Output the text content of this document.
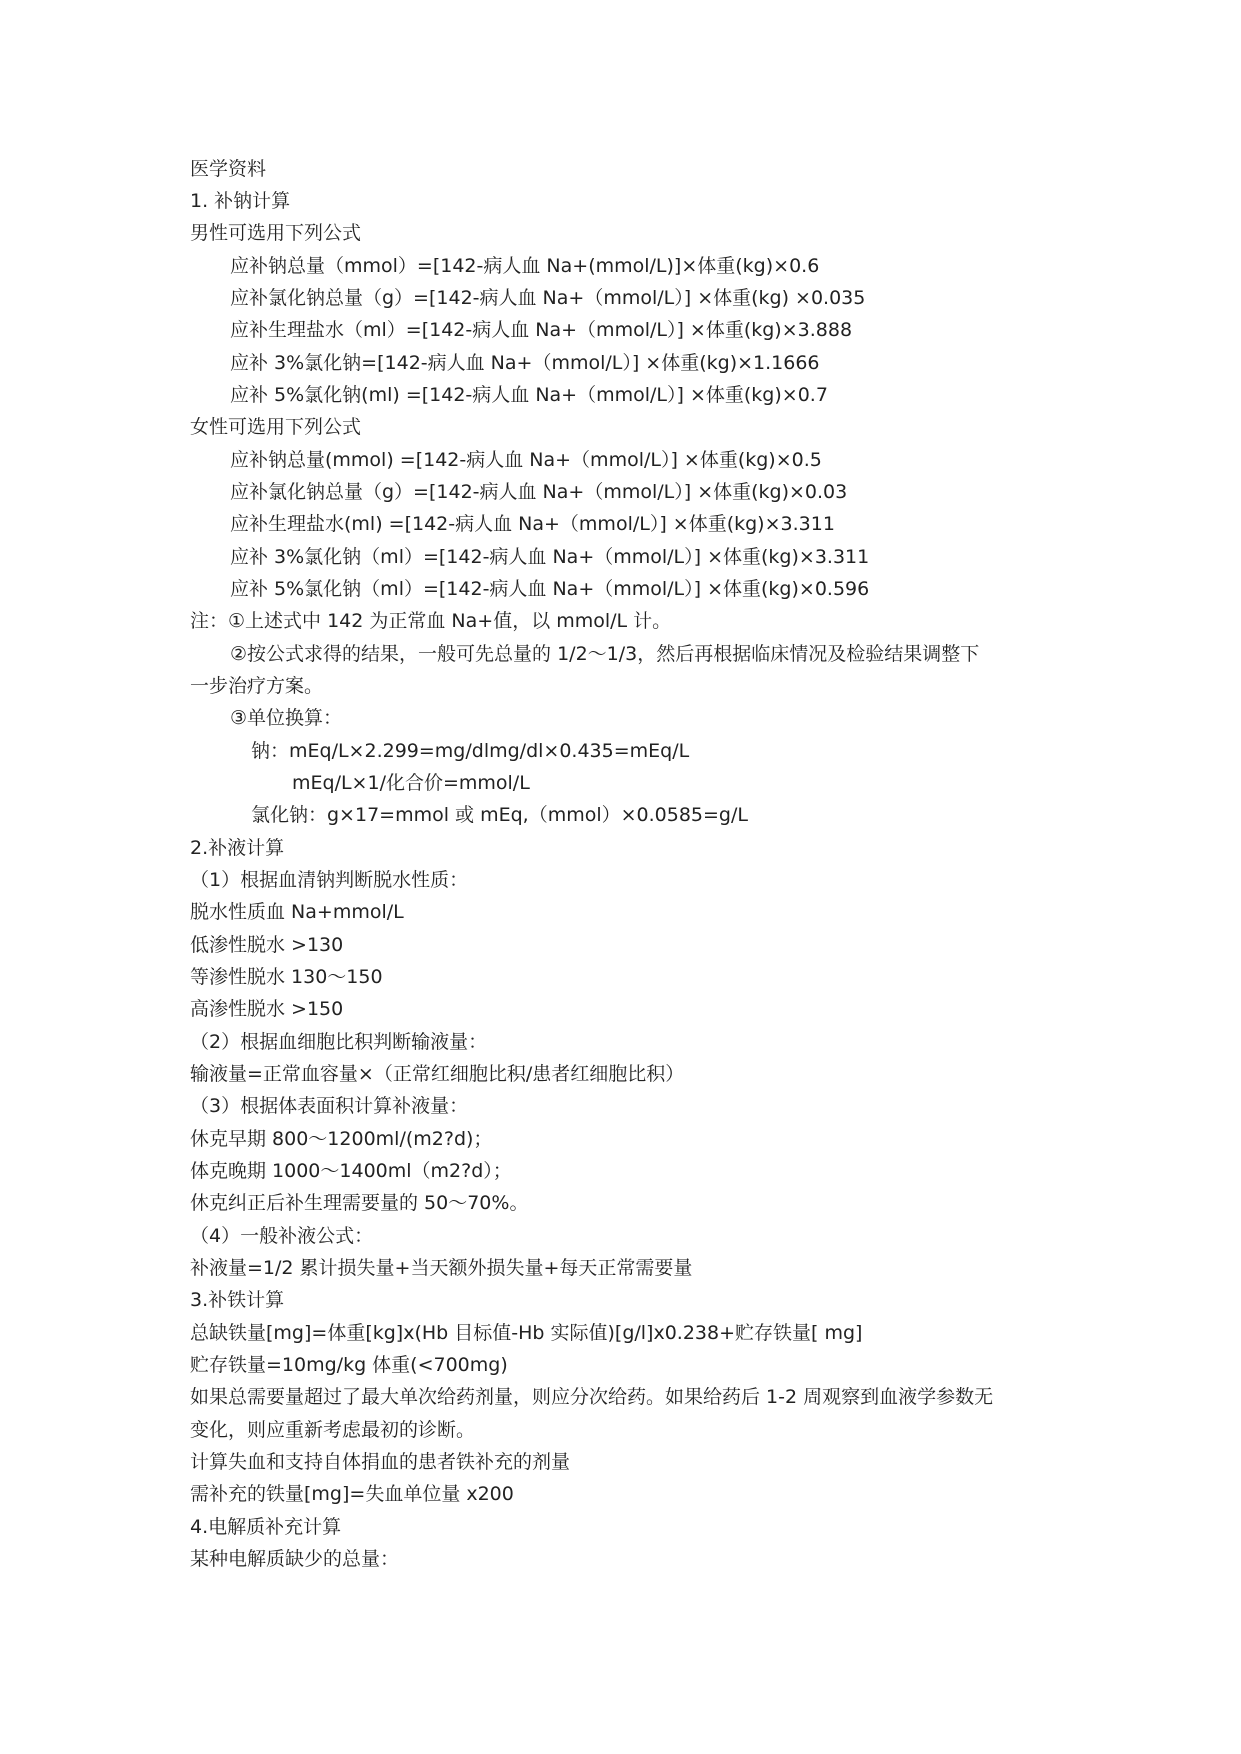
医学资料
1. 补钠计算
男性可选用下列公式
应补钠总量（mmol）=[142-病人血 Na+(mmol/L)]×体重(kg)×0.6
应补氯化钠总量（g）=[142-病人血 Na+（mmol/L）] ×体重(kg) ×0.035
应补生理盐水（ml）=[142-病人血 Na+（mmol/L）] ×体重(kg)×3.888
应补 3%氯化钠=[142-病人血 Na+（mmol/L）] ×体重(kg)×1.1666
应补 5%氯化钠(ml) =[142-病人血 Na+（mmol/L）] ×体重(kg)×0.7
女性可选用下列公式
应补钠总量(mmol) =[142-病人血 Na+（mmol/L）] ×体重(kg)×0.5
应补氯化钠总量（g）=[142-病人血 Na+（mmol/L）] ×体重(kg)×0.03
应补生理盐水(ml) =[142-病人血 Na+（mmol/L）] ×体重(kg)×3.311
应补 3%氯化钠（ml）=[142-病人血 Na+（mmol/L）] ×体重(kg)×3.311
应补 5%氯化钠（ml）=[142-病人血 Na+（mmol/L）] ×体重(kg)×0.596
注：①上述式中 142 为正常血 Na+值，以 mmol/L 计。
②按公式求得的结果，一般可先总量的 1/2～1/3，然后再根据临床情况及检验结果调整下
一步治疗方案。
③单位换算：
钠：mEq/L×2.299=mg/dlmg/dl×0.435=mEq/L
mEq/L×1/化合价=mmol/L
氯化钠：g×17=mmol 或 mEq,（mmol）×0.0585=g/L
2.补液计算
（1）根据血清钠判断脱水性质：
脱水性质血 Na+mmol/L
低渗性脱水 >130
等渗性脱水 130～150
高渗性脱水 >150
（2）根据血细胞比积判断输液量：
输液量=正常血容量×（正常红细胞比积/患者红细胞比积）
（3）根据体表面积计算补液量：
休克早期 800～1200ml/(m2?d)；
体克晚期 1000～1400ml（m2?d）；
休克纠正后补生理需要量的 50～70%。
（4）一般补液公式：
补液量=1/2 累计损失量+当天额外损失量+每天正常需要量
3.补铁计算
总缺铁量[mg]=体重[kg]x(Hb 目标值-Hb 实际值)[g/l]x0.238+贮存铁量[ mg]
贮存铁量=10mg/kg 体重(<700mg)
如果总需要量超过了最大单次给药剂量，则应分次给药。如果给药后 1-2 周观察到血液学参数无
变化，则应重新考虑最初的诊断。
计算失血和支持自体捐血的患者铁补充的剂量
需补充的铁量[mg]=失血单位量 x200
4.电解质补充计算
某种电解质缺少的总量：
